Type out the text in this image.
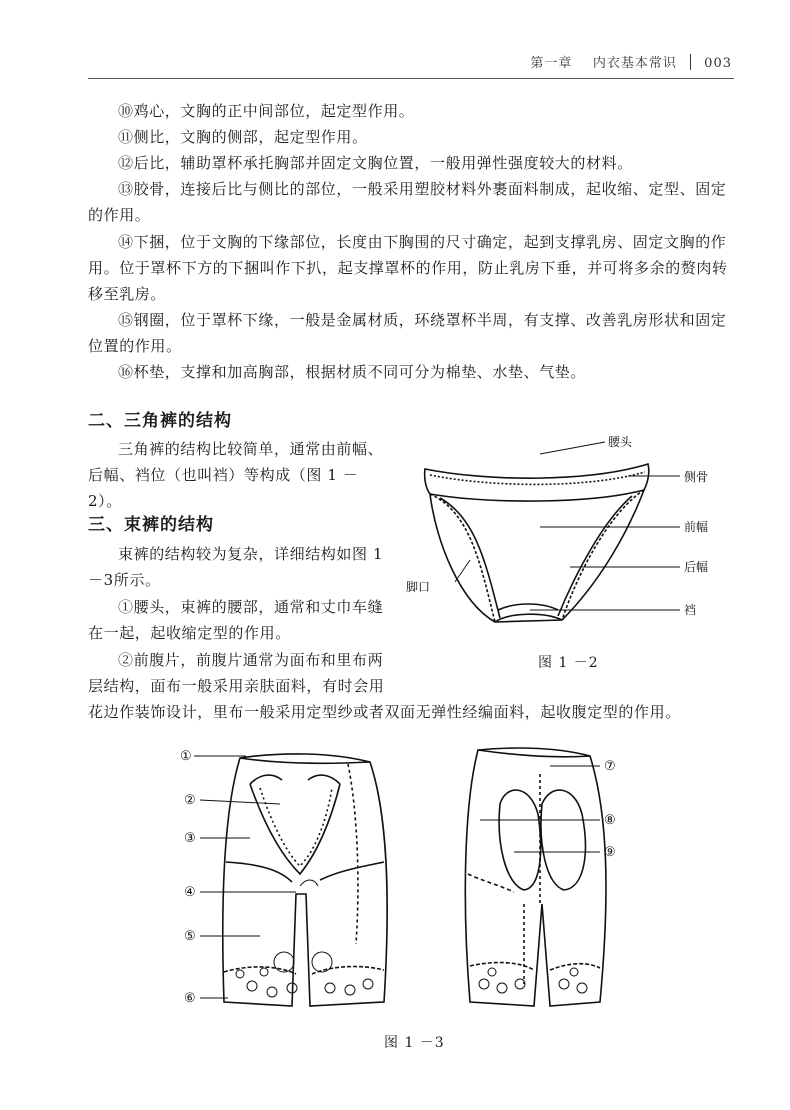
第一章 内衣基本常识 003
⑩鸡心，文胸的正中间部位，起定型作用。
⑪侧比，文胸的侧部，起定型作用。
⑫后比，辅助罩杯承托胸部并固定文胸位置，一般用弹性强度较大的材料。
⑬胶骨，连接后比与侧比的部位，一般采用塑胶材料外裹面料制成，起收缩、定型、固定的作用。
⑭下捆，位于文胸的下缘部位，长度由下胸围的尺寸确定，起到支撑乳房、固定文胸的作用。位于罩杯下方的下捆叫作下扒，起支撑罩杯的作用，防止乳房下垂，并可将多余的赘肉转移至乳房。
⑮钢圈，位于罩杯下缘，一般是金属材质，环绕罩杯半周，有支撑、改善乳房形状和固定位置的作用。
⑯杯垫，支撑和加高胸部，根据材质不同可分为棉垫、水垫、气垫。
二、三角裤的结构
三角裤的结构比较简单，通常由前幅、后幅、裆位（也叫裆）等构成（图 1 －2）。
三、束裤的结构
束裤的结构较为复杂，详细结构如图 1 －3所示。
①腰头，束裤的腰部，通常和丈巾车缝在一起，起收缩定型的作用。
②前腹片，前腹片通常为面布和里布两层结构，面布一般采用亲肤面料，有时会用
花边作装饰设计，里布一般采用定型纱或者双面无弹性经编面料，起收腹定型的作用。
腰头
侧骨
前幅
后幅
裆
脚口
图 1 －2
①
②
③
④
⑤
⑥
⑦
⑧
⑨
图 1 －3
